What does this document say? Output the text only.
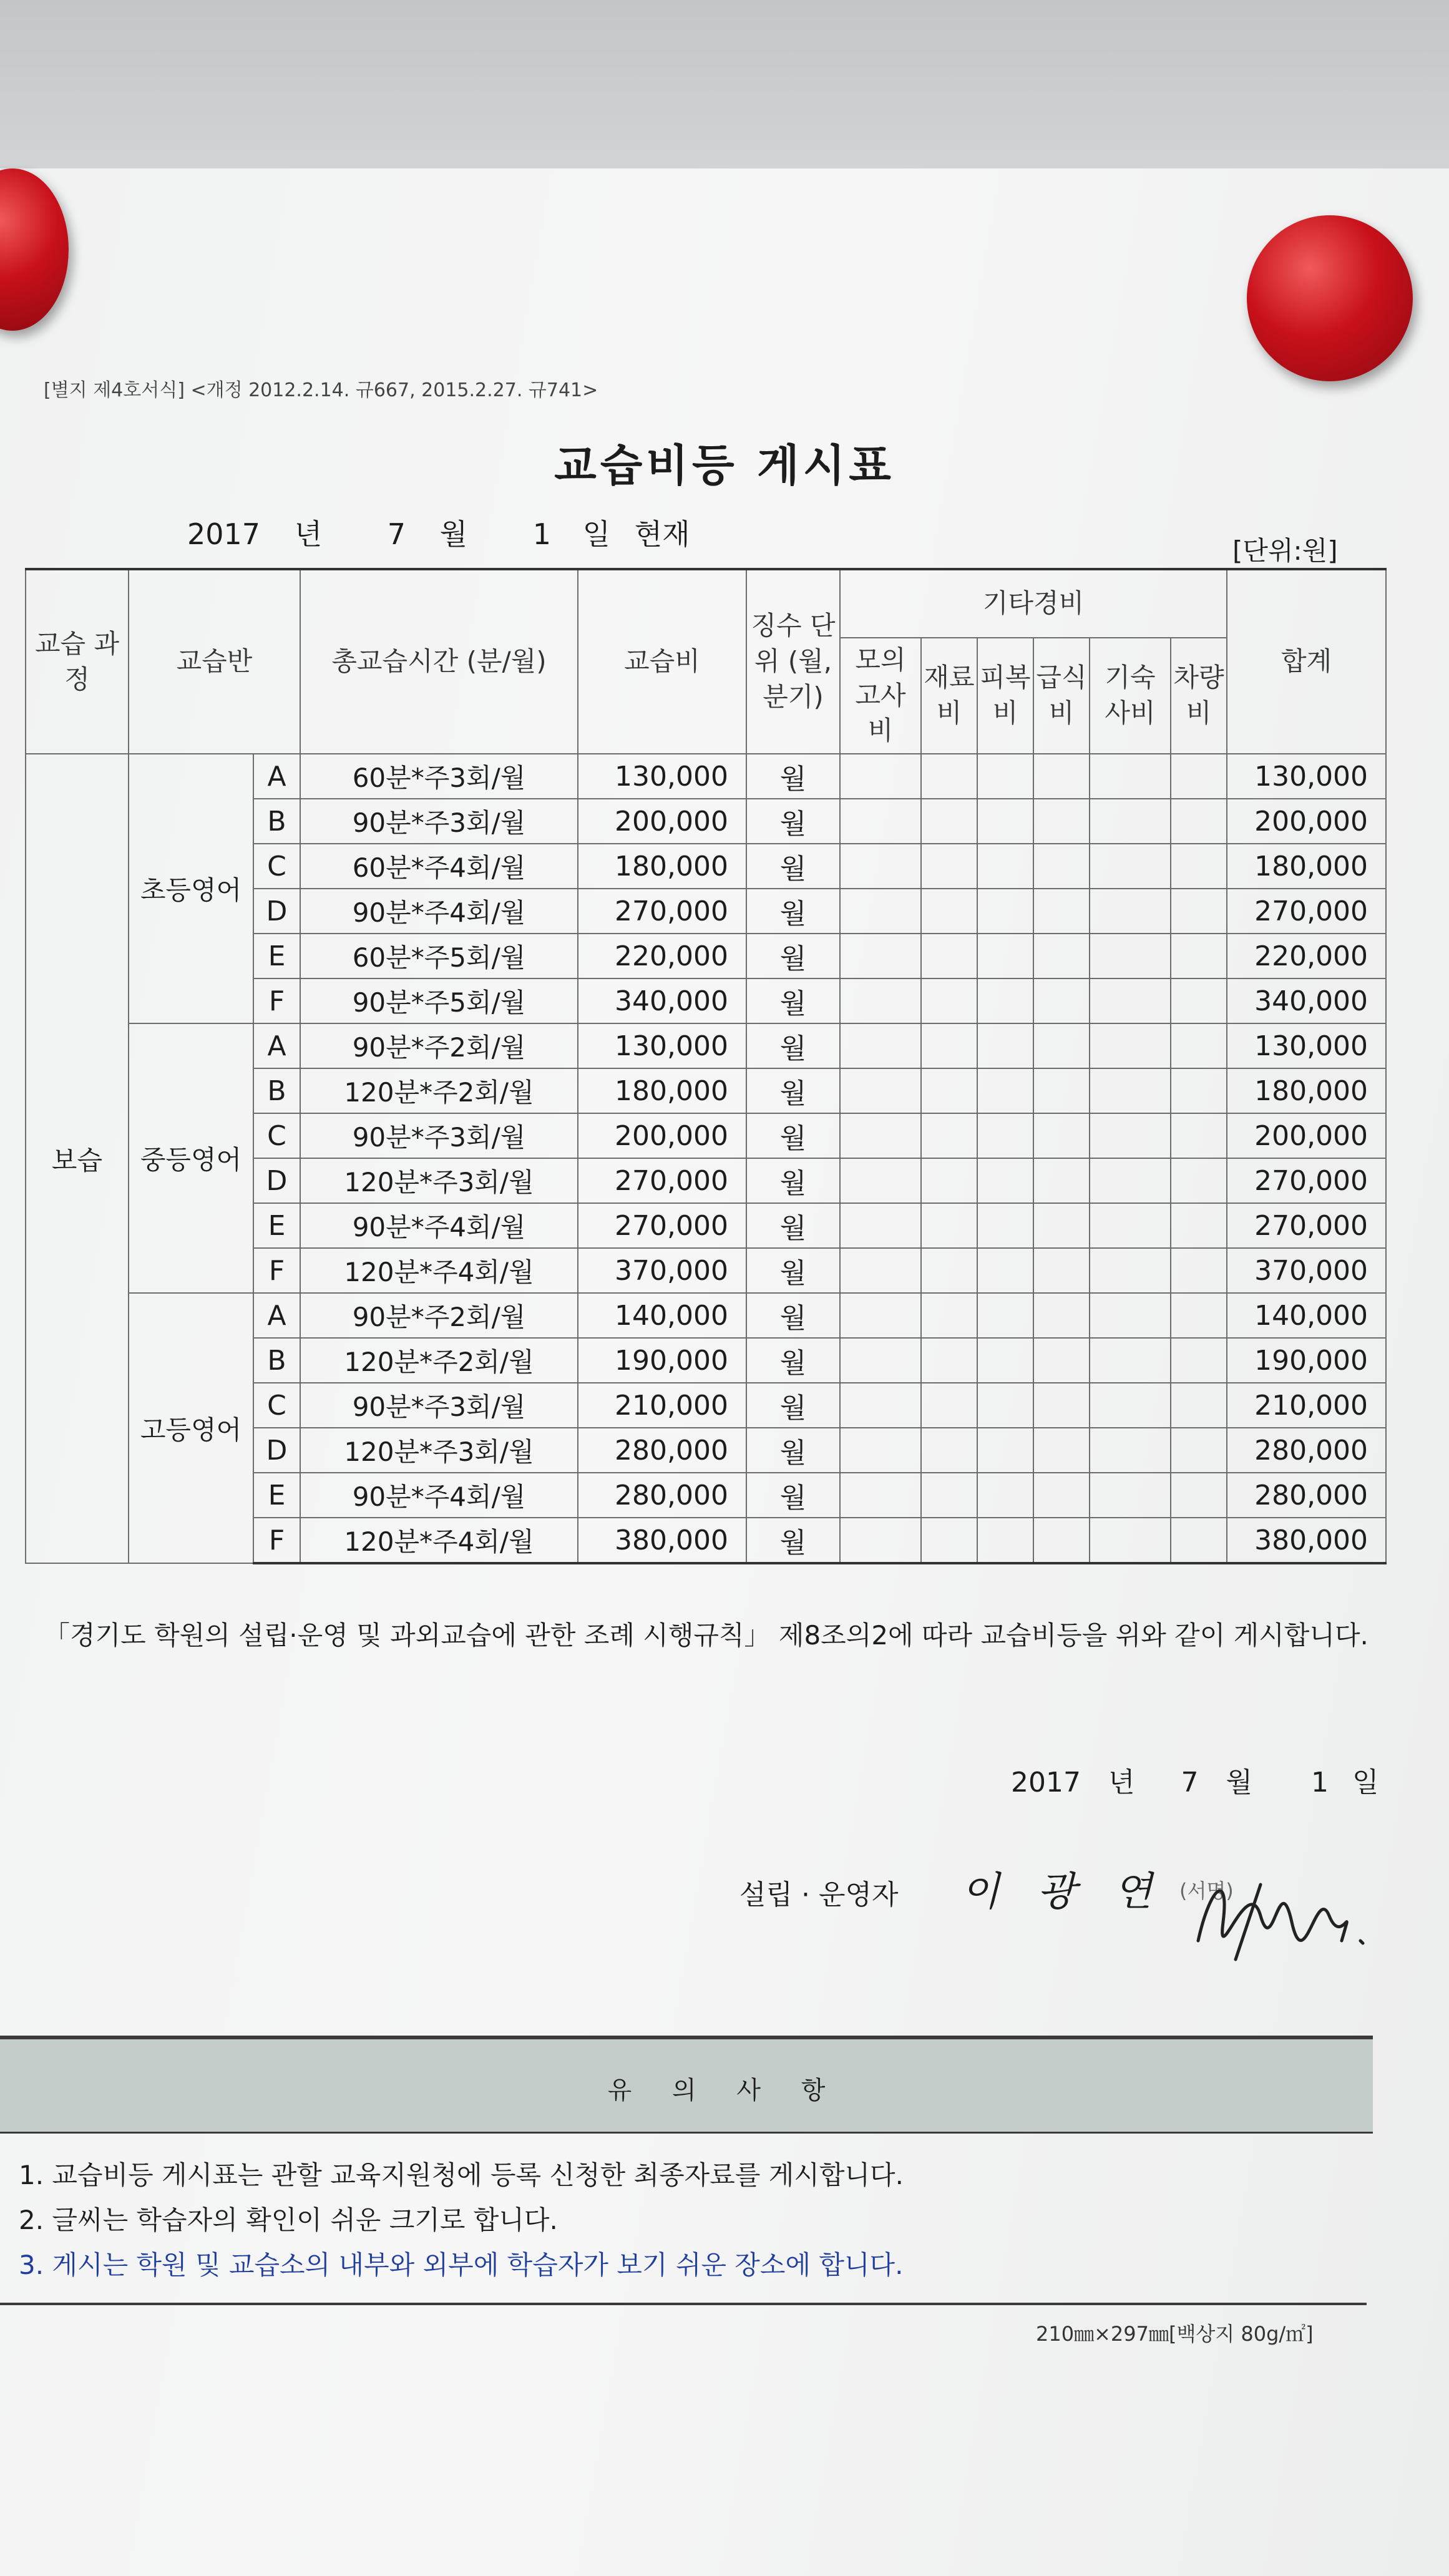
[별지 제4호서식] <개정 2012.2.14. 규667, 2015.2.27. 규741>
교습비등 게시표
2017 년 7 월 1 일 현재	[단위:원]
교습 과정	교습반		총교습시간 (분/월)	교습비	징수 단위 (월, 분기)	기타경비						합계
						모의 고사 비	재료 비	피복 비	급식 비	기숙 사비	차량 비	
보습	초등영어	A	60분*주3회/월	130,000	월							130,000
		B	90분*주3회/월	200,000	월							200,000
		C	60분*주4회/월	180,000	월							180,000
		D	90분*주4회/월	270,000	월							270,000
		E	60분*주5회/월	220,000	월							220,000
		F	90분*주5회/월	340,000	월							340,000
	중등영어	A	90분*주2회/월	130,000	월							130,000
		B	120분*주2회/월	180,000	월							180,000
		C	90분*주3회/월	200,000	월							200,000
		D	120분*주3회/월	270,000	월							270,000
		E	90분*주4회/월	270,000	월							270,000
		F	120분*주4회/월	370,000	월							370,000
	고등영어	A	90분*주2회/월	140,000	월							140,000
		B	120분*주2회/월	190,000	월							190,000
		C	90분*주3회/월	210,000	월							210,000
		D	120분*주3회/월	280,000	월							280,000
		E	90분*주4회/월	280,000	월							280,000
		F	120분*주4회/월	380,000	월							380,000
「경기도 학원의 설립·운영 및 과외교습에 관한 조례 시행규칙」 제8조의2에 따라 교습비등을 위와 같이 게시합니다.
2017 년 7 월 1 일
설립 · 운영자 이 광 연 (서명)
유 의 사 항
1. 교습비등 게시표는 관할 교육지원청에 등록 신청한 최종자료를 게시합니다.
2. 글씨는 학습자의 확인이 쉬운 크기로 합니다.
3. 게시는 학원 및 교습소의 내부와 외부에 학습자가 보기 쉬운 장소에 합니다.
210㎜×297㎜[백상지 80g/㎡]
